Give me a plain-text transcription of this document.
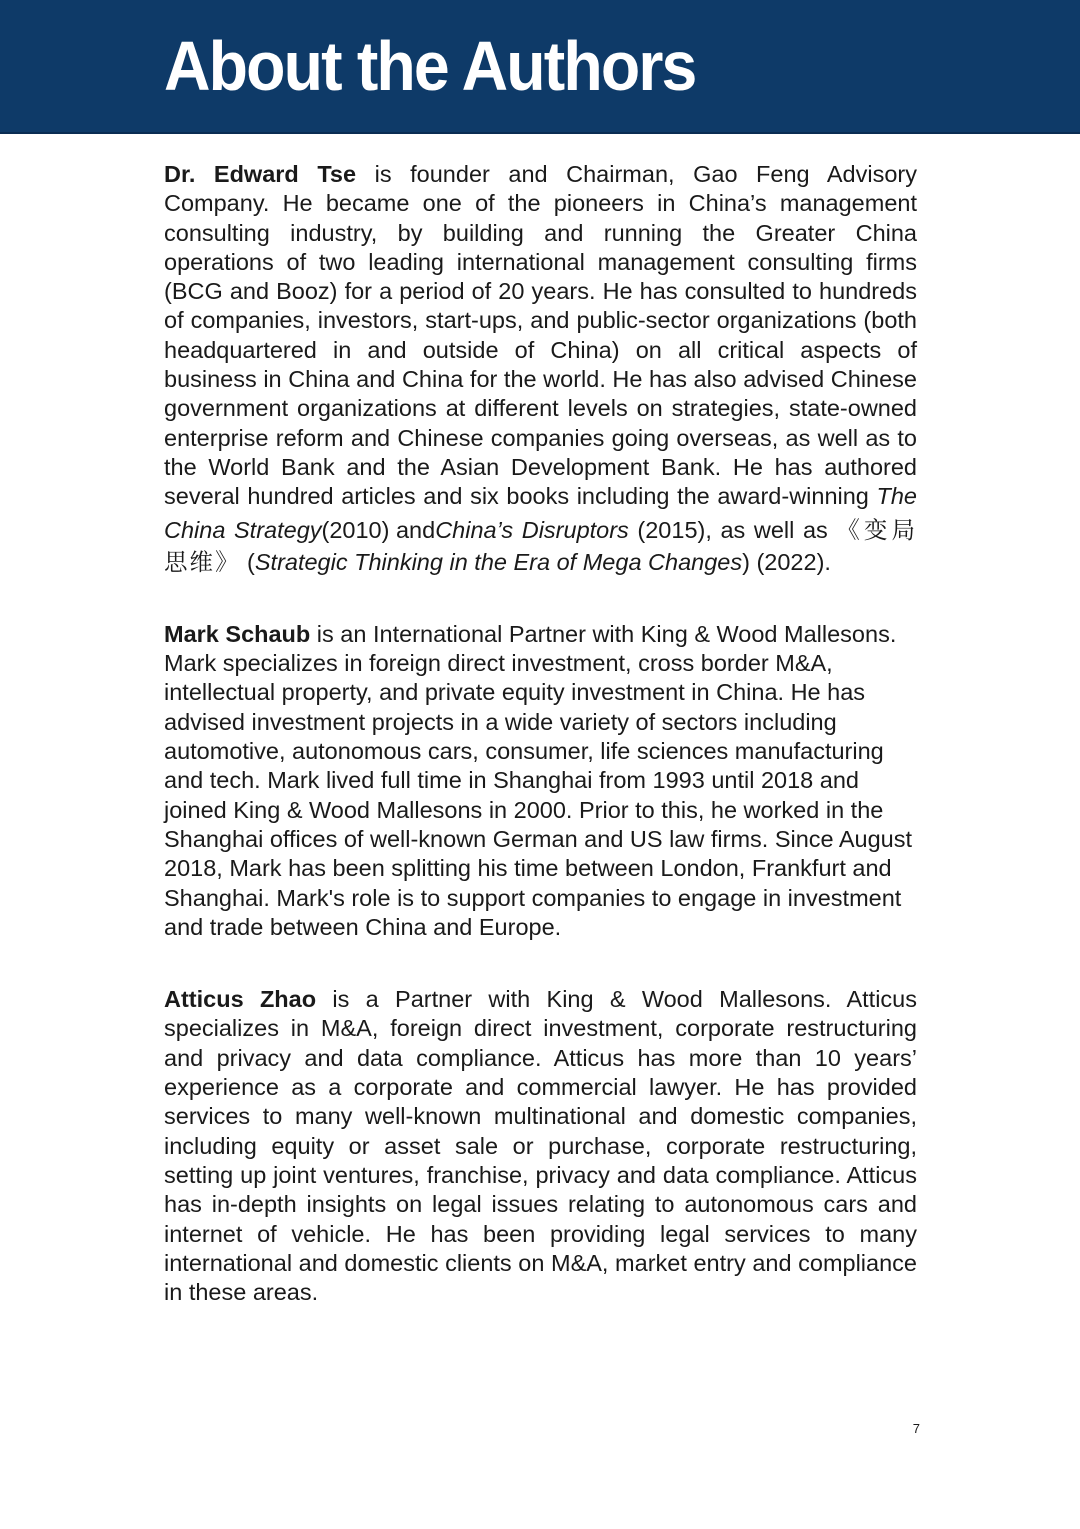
About the Authors

Dr. Edward Tse is founder and Chairman, Gao Feng Advisory Company. He became one of the pioneers in China’s management consulting industry, by building and running the Greater China operations of two leading international management consulting firms (BCG and Booz) for a period of 20 years. He has consulted to hundreds of companies, investors, start-ups, and public-sector organizations (both headquartered in and outside of China) on all critical aspects of business in China and China for the world. He has also advised Chinese government organizations at different levels on strategies, state-owned enterprise reform and Chinese companies going overseas, as well as to the World Bank and the Asian Development Bank. He has authored several hundred articles and six books including the award-winning The China Strategy(2010) andChina’s Disruptors (2015), as well as 《变局思维》 (Strategic Thinking in the Era of Mega Changes) (2022).

Mark Schaub is an International Partner with King & Wood Mallesons. Mark specializes in foreign direct investment, cross border M&A, intellectual property, and private equity investment in China. He has advised investment projects in a wide variety of sectors including automotive, autonomous cars, consumer, life sciences manufacturing and tech. Mark lived full time in Shanghai from 1993 until 2018 and joined King & Wood Mallesons in 2000. Prior to this, he worked in the Shanghai offices of well-known German and US law firms. Since August 2018, Mark has been splitting his time between London, Frankfurt and Shanghai. Mark's role is to support companies to engage in investment and trade between China and Europe.

Atticus Zhao is a Partner with King & Wood Mallesons. Atticus specializes in M&A, foreign direct investment, corporate restructuring and privacy and data compliance. Atticus has more than 10 years’ experience as a corporate and commercial lawyer. He has provided services to many well-known multinational and domestic companies, including equity or asset sale or purchase, corporate restructuring, setting up joint ventures, franchise, privacy and data compliance. Atticus has in-depth insights on legal issues relating to autonomous cars and internet of vehicle. He has been providing legal services to many international and domestic clients on M&A, market entry and compliance in these areas.

7
